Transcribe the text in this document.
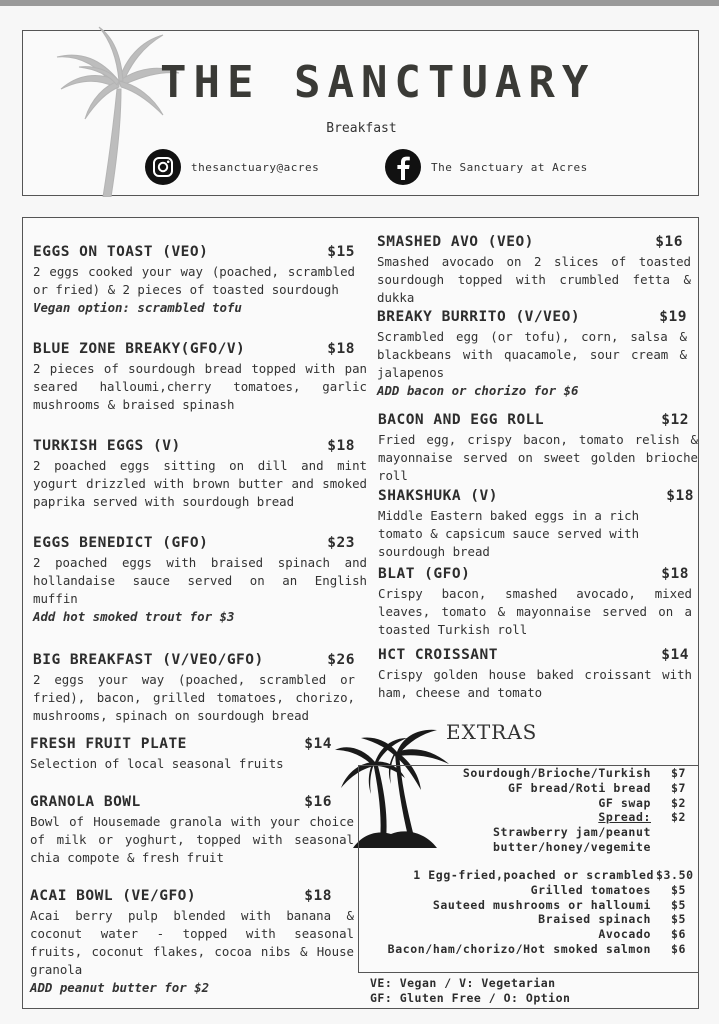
THE SANCTUARY
Breakfast
thesanctuary@acres	The Sanctuary at Acres
EGGS ON TOAST (VEO)	$15
2 eggs cooked your way (poached, scrambled or fried) & 2 pieces of toasted sourdough
Vegan option: scrambled tofu
BLUE ZONE BREAKY(GFO/V)	$18
2 pieces of sourdough bread topped with pan seared halloumi,cherry tomatoes, garlic mushrooms & braised spinash
TURKISH EGGS (V)	$18
2 poached eggs sitting on dill and mint yogurt drizzled with brown butter and smoked paprika served with sourdough bread
EGGS BENEDICT (GFO)	$23
2 poached eggs with braised spinach and hollandaise sauce served on an English muffin
Add hot smoked trout for $3
BIG BREAKFAST (V/VEO/GFO)	$26
2 eggs your way (poached, scrambled or fried), bacon, grilled tomatoes, chorizo, mushrooms, spinach on sourdough bread
FRESH FRUIT PLATE	$14
Selection of local seasonal fruits
GRANOLA BOWL	$16
Bowl of Housemade granola with your choice of milk or yoghurt, topped with seasonal chia compote & fresh fruit
ACAI BOWL (VE/GFO)	$18
Acai berry pulp blended with banana & coconut water - topped with seasonal fruits, coconut flakes, cocoa nibs & House granola
ADD peanut butter for $2
SMASHED AVO (VEO)	$16
Smashed avocado on 2 slices of toasted sourdough topped with crumbled fetta & dukka
BREAKY BURRITO (V/VEO)	$19
Scrambled egg (or tofu), corn, salsa & blackbeans with quacamole, sour cream & jalapenos
ADD bacon or chorizo for $6
BACON AND EGG ROLL	$12
Fried egg, crispy bacon, tomato relish & mayonnaise served on sweet golden brioche roll
SHAKSHUKA (V)	$18
Middle Eastern baked eggs in a rich tomato & capsicum sauce served with sourdough bread
BLAT (GFO)	$18
Crispy bacon, smashed avocado, mixed leaves, tomato & mayonnaise served on a toasted Turkish roll
HCT CROISSANT	$14
Crispy golden house baked croissant with ham, cheese and tomato
EXTRAS
Sourdough/Brioche/Turkish $7
GF bread/Roti bread $7
GF swap $2
Spread: $2
Strawberry jam/peanut
butter/honey/vegemite
1 Egg-fried,poached or scrambled $3.50
Grilled tomatoes $5
Sauteed mushrooms or halloumi $5
Braised spinach $5
Avocado $6
Bacon/ham/chorizo/Hot smoked salmon $6
VE: Vegan / V: Vegetarian
GF: Gluten Free / O: Option
